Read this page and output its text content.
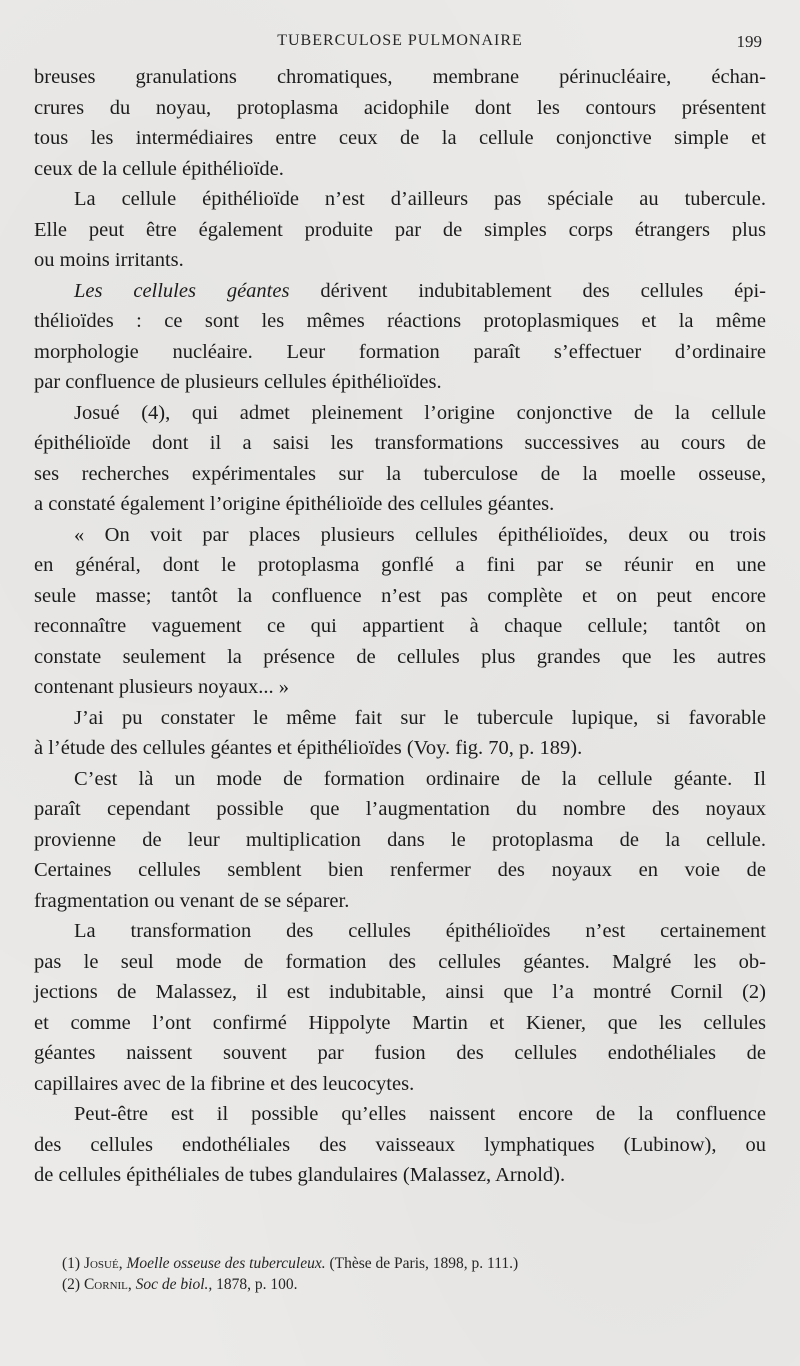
TUBERCULOSE PULMONAIRE	199
breuses granulations chromatiques, membrane périnucléaire, échan-
crures du noyau, protoplasma acidophile dont les contours présentent
tous les intermédiaires entre ceux de la cellule conjonctive simple et
ceux de la cellule épithélioïde.
La cellule épithélioïde n’est d’ailleurs pas spéciale au tubercule.
Elle peut être également produite par de simples corps étrangers plus
ou moins irritants.
Les cellules géantes dérivent indubitablement des cellules épi-
thélioïdes : ce sont les mêmes réactions protoplasmiques et la même
morphologie nucléaire. Leur formation paraît s’effectuer d’ordinaire
par confluence de plusieurs cellules épithélioïdes.
Josué (4), qui admet pleinement l’origine conjonctive de la cellule
épithélioïde dont il a saisi les transformations successives au cours de
ses recherches expérimentales sur la tuberculose de la moelle osseuse,
a constaté également l’origine épithélioïde des cellules géantes.
« On voit par places plusieurs cellules épithélioïdes, deux ou trois
en général, dont le protoplasma gonflé a fini par se réunir en une
seule masse; tantôt la confluence n’est pas complète et on peut encore
reconnaître vaguement ce qui appartient à chaque cellule; tantôt on
constate seulement la présence de cellules plus grandes que les autres
contenant plusieurs noyaux... »
J’ai pu constater le même fait sur le tubercule lupique, si favorable
à l’étude des cellules géantes et épithélioïdes (Voy. fig. 70, p. 189).
C’est là un mode de formation ordinaire de la cellule géante. Il
paraît cependant possible que l’augmentation du nombre des noyaux
provienne de leur multiplication dans le protoplasma de la cellule.
Certaines cellules semblent bien renfermer des noyaux en voie de
fragmentation ou venant de se séparer.
La transformation des cellules épithélioïdes n’est certainement
pas le seul mode de formation des cellules géantes. Malgré les ob-
jections de Malassez, il est indubitable, ainsi que l’a montré Cornil (2)
et comme l’ont confirmé Hippolyte Martin et Kiener, que les cellules
géantes naissent souvent par fusion des cellules endothéliales de
capillaires avec de la fibrine et des leucocytes.
Peut-être est il possible qu’elles naissent encore de la confluence
des cellules endothéliales des vaisseaux lymphatiques (Lubinow), ou
de cellules épithéliales de tubes glandulaires (Malassez, Arnold).
(1) Josué, Moelle osseuse des tuberculeux. (Thèse de Paris, 1898, p. 111.)
(2) Cornil, Soc de biol., 1878, p. 100.
